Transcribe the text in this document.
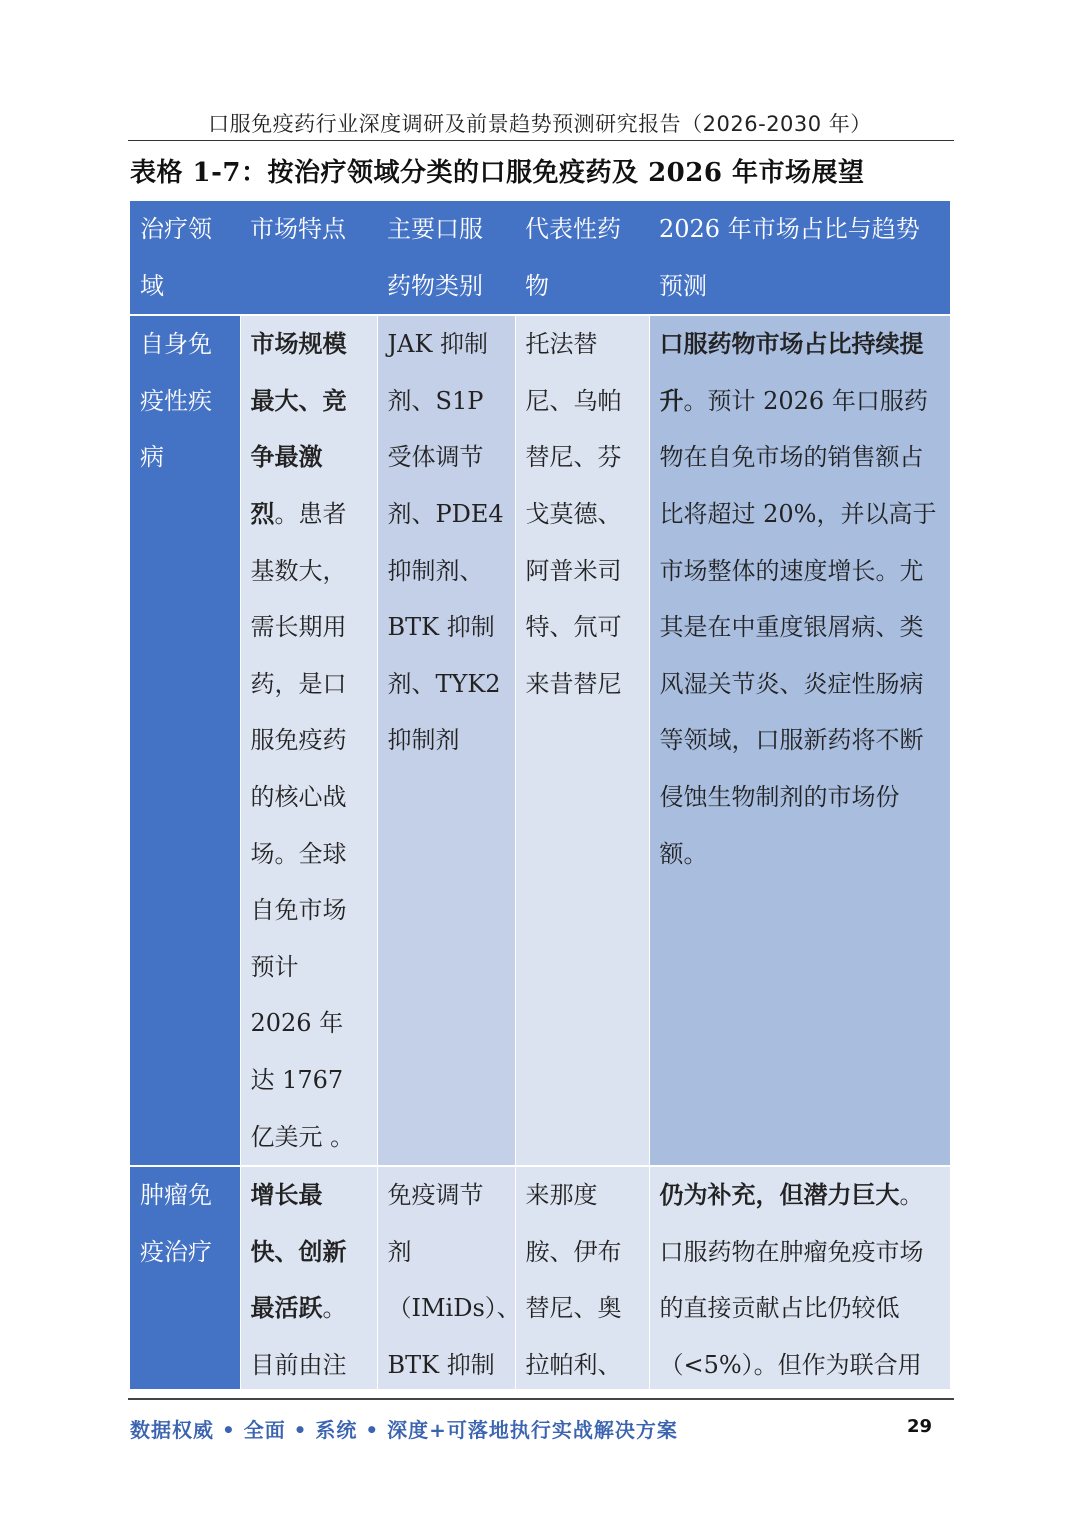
口服免疫药行业深度调研及前景趋势预测研究报告（2026-2030 年）
表格 1-7：按治疗领域分类的口服免疫药及 2026 年市场展望
治疗领域	市场特点	主要口服药物类别	代表性药物	2026 年市场占比与趋势预测
自身免疫性疾病	市场规模最大、竞争最激烈。患者基数大，需长期用药，是口服免疫药的核心战场。全球自免市场预计 2026 年达 1767 亿美元 。	JAK 抑制剂、S1P 受体调节剂、PDE4 抑制剂、BTK 抑制剂、TYK2 抑制剂	托法替尼、乌帕替尼、芬戈莫德、阿普米司特、氘可来昔替尼	口服药物市场占比持续提升。预计 2026 年口服药物在自免市场的销售额占比将超过 20%，并以高于市场整体的速度增长。尤其是在中重度银屑病、类风湿关节炎、炎症性肠病等领域，口服新药将不断侵蚀生物制剂的市场份额。
肿瘤免疫治疗	增长最快、创新最活跃。目前由注	免疫调节剂（IMiDs）、BTK 抑制	来那度胺、伊布替尼、奥拉帕利、	仍为补充，但潜力巨大。口服药物在肿瘤免疫市场的直接贡献占比仍较低（<5%）。但作为联合用
数据权威 • 全面 • 系统 • 深度+可落地执行实战解决方案	29
